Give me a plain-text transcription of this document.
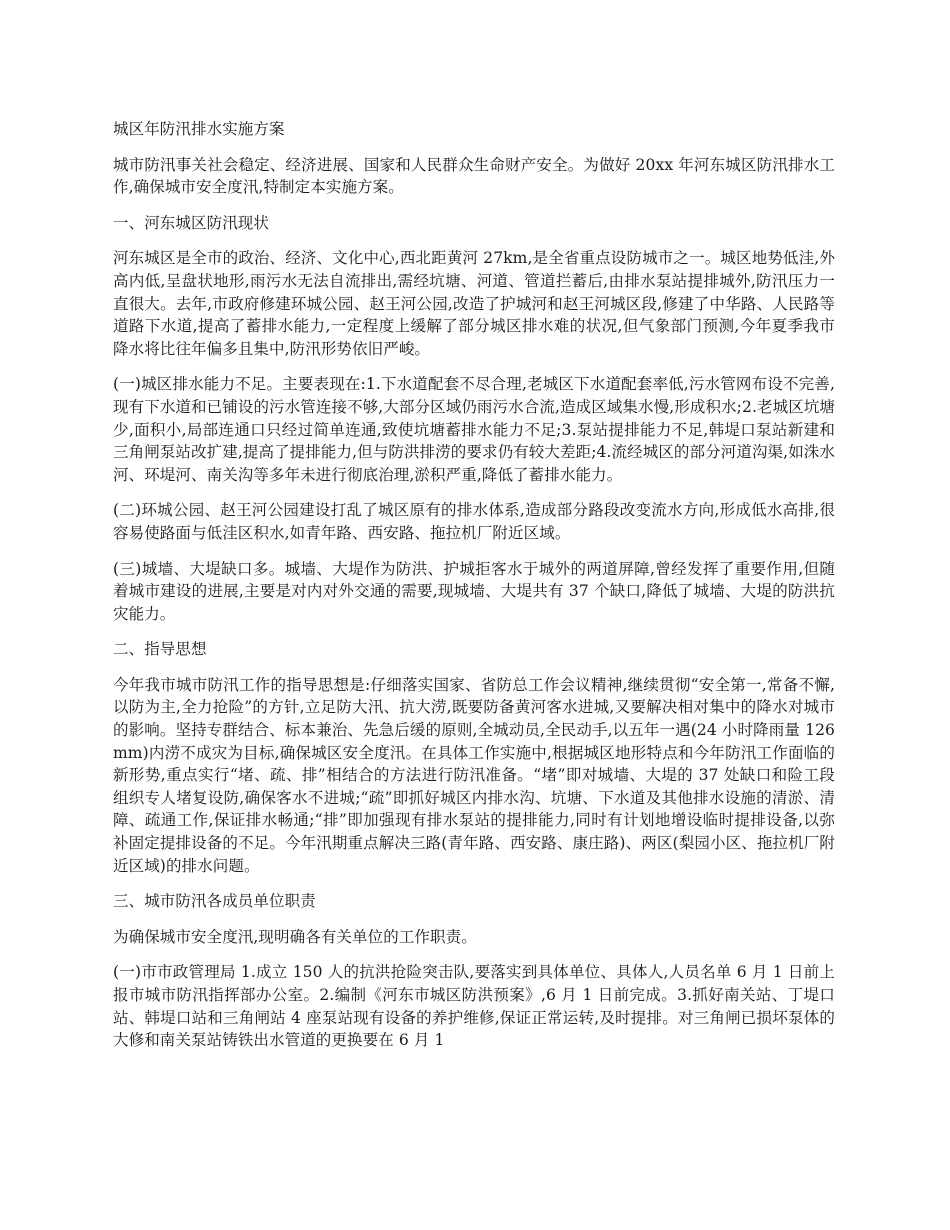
城区年防汛排水实施方案

城市防汛事关社会稳定、经济进展、国家和人民群众生命财产安全。为做好 20xx 年河东城区防汛排水工作,确保城市安全度汛,特制定本实施方案。

一、河东城区防汛现状

河东城区是全市的政治、经济、文化中心,西北距黄河 27km,是全省重点设防城市之一。城区地势低洼,外高内低,呈盘状地形,雨污水无法自流排出,需经坑塘、河道、管道拦蓄后,由排水泵站提排城外,防汛压力一直很大。去年,市政府修建环城公园、赵王河公园,改造了护城河和赵王河城区段,修建了中华路、人民路等道路下水道,提高了蓄排水能力,一定程度上缓解了部分城区排水难的状况,但气象部门预测,今年夏季我市降水将比往年偏多且集中,防汛形势依旧严峻。

(一)城区排水能力不足。主要表现在:1.下水道配套不尽合理,老城区下水道配套率低,污水管网布设不完善,现有下水道和已铺设的污水管连接不够,大部分区域仍雨污水合流,造成区域集水慢,形成积水;2.老城区坑塘少,面积小,局部连通口只经过简单连通,致使坑塘蓄排水能力不足;3.泵站提排能力不足,韩堤口泵站新建和三角闸泵站改扩建,提高了提排能力,但与防洪排涝的要求仍有较大差距;4.流经城区的部分河道沟渠,如洙水河、环堤河、南关沟等多年未进行彻底治理,淤积严重,降低了蓄排水能力。

(二)环城公园、赵王河公园建设打乱了城区原有的排水体系,造成部分路段改变流水方向,形成低水高排,很容易使路面与低洼区积水,如青年路、西安路、拖拉机厂附近区域。

(三)城墙、大堤缺口多。城墙、大堤作为防洪、护城拒客水于城外的两道屏障,曾经发挥了重要作用,但随着城市建设的进展,主要是对内对外交通的需要,现城墙、大堤共有 37 个缺口,降低了城墙、大堤的防洪抗灾能力。

二、指导思想

今年我市城市防汛工作的指导思想是:仔细落实国家、省防总工作会议精神,继续贯彻“安全第一,常备不懈,以防为主,全力抢险”的方针,立足防大汛、抗大涝,既要防备黄河客水进城,又要解决相对集中的降水对城市的影响。坚持专群结合、标本兼治、先急后缓的原则,全城动员,全民动手,以五年一遇(24 小时降雨量 126mm)内涝不成灾为目标,确保城区安全度汛。在具体工作实施中,根据城区地形特点和今年防汛工作面临的新形势,重点实行“堵、疏、排”相结合的方法进行防汛准备。“堵”即对城墙、大堤的 37 处缺口和险工段组织专人堵复设防,确保客水不进城;“疏”即抓好城区内排水沟、坑塘、下水道及其他排水设施的清淤、清障、疏通工作,保证排水畅通;“排”即加强现有排水泵站的提排能力,同时有计划地增设临时提排设备,以弥补固定提排设备的不足。今年汛期重点解决三路(青年路、西安路、康庄路)、两区(梨园小区、拖拉机厂附近区域)的排水问题。

三、城市防汛各成员单位职责

为确保城市安全度汛,现明确各有关单位的工作职责。

(一)市市政管理局 1.成立 150 人的抗洪抢险突击队,要落实到具体单位、具体人,人员名单 6 月 1 日前上报市城市防汛指挥部办公室。2.编制《河东市城区防洪预案》,6 月 1 日前完成。3.抓好南关站、丁堤口站、韩堤口站和三角闸站 4 座泵站现有设备的养护维修,保证正常运转,及时提排。对三角闸已损坏泵体的大修和南关泵站铸铁出水管道的更换要在 6 月 1
